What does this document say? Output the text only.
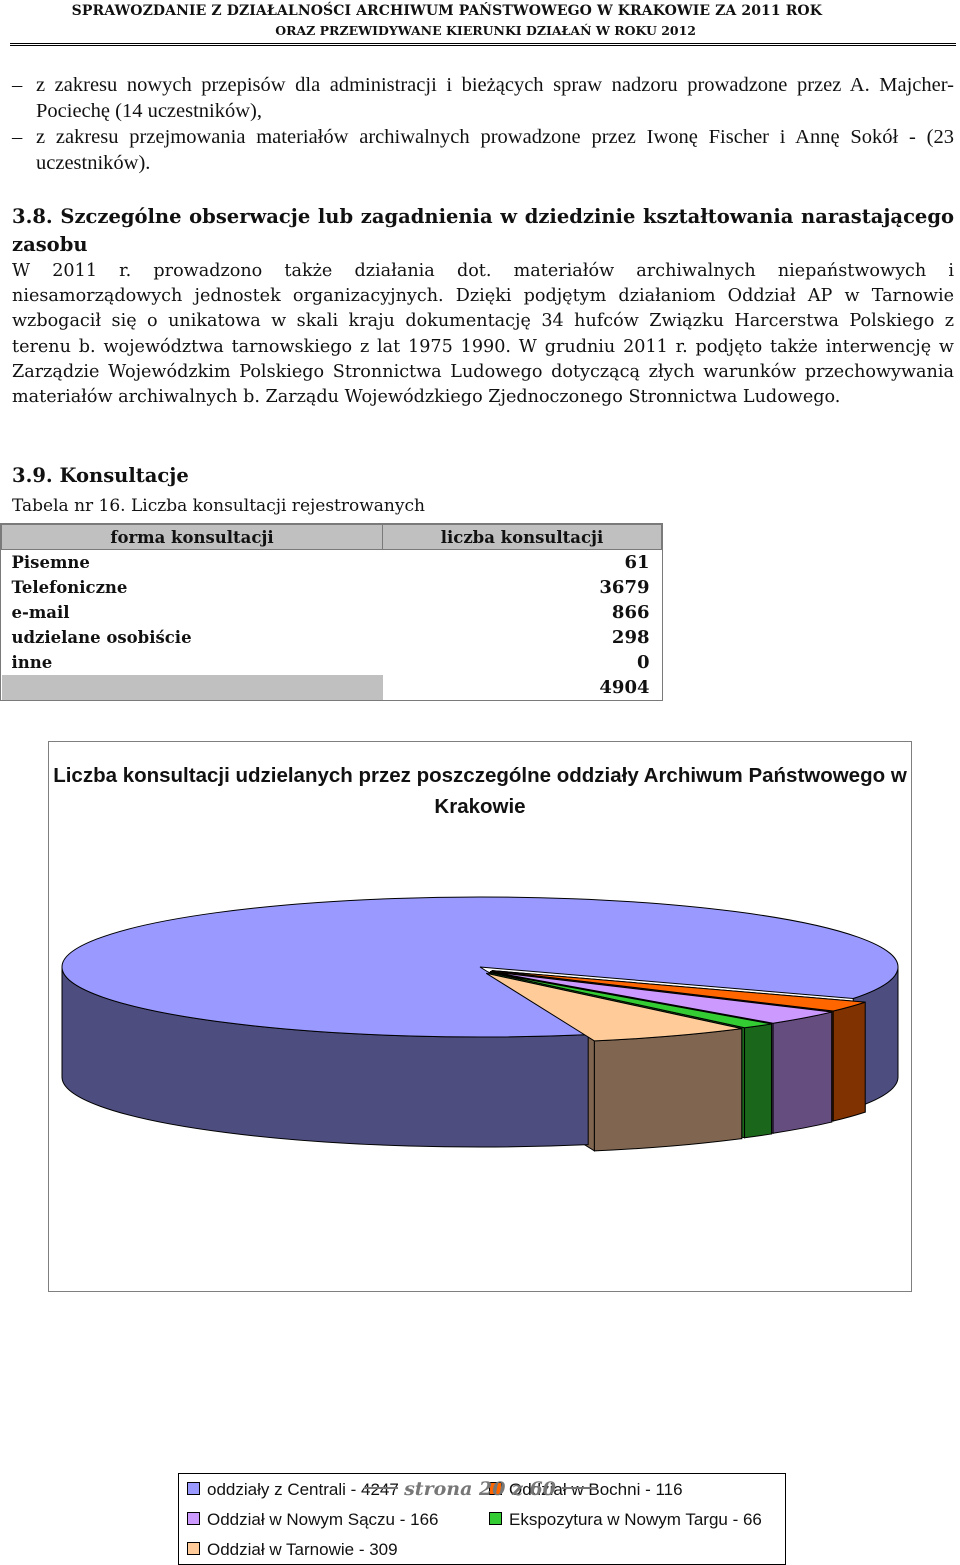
SPRAWOZDANIE Z DZIAŁALNOŚCI ARCHIWUM PAŃSTWOWEGO W KRAKOWIE ZA 2011 ROK
ORAZ PRZEWIDYWANE KIERUNKI DZIAŁAŃ W ROKU 2012
– z zakresu nowych przepisów dla administracji i bieżących spraw nadzoru prowadzone przez A. Majcher-Pociechę (14 uczestników),
– z zakresu przejmowania materiałów archiwalnych prowadzone przez Iwonę Fischer i Annę Sokół - (23 uczestników).
3.8. Szczególne obserwacje lub zagadnienia w dziedzinie kształtowania narastającego zasobu
W 2011 r. prowadzono także działania dot. materiałów archiwalnych niepaństwowych i niesamorządowych jednostek organizacyjnych. Dzięki podjętym działaniom Oddział AP w Tarnowie wzbogacił się o unikatowa w skali kraju dokumentację 34 hufców Związku Harcerstwa Polskiego z terenu b. województwa tarnowskiego z lat 1975 1990. W grudniu 2011 r. podjęto także interwencję w Zarządzie Wojewódzkim Polskiego Stronnictwa Ludowego dotyczącą złych warunków przechowywania materiałów archiwalnych b. Zarządu Wojewódzkiego Zjednoczonego Stronnictwa Ludowego.
3.9. Konsultacje
Tabela nr 16. Liczba konsultacji rejestrowanych
forma konsultacji	liczba konsultacji
Pisemne	61
Telefoniczne	3679
e-mail	866
udzielane osobiście	298
inne	0
	4904
Liczba konsultacji udzielanych przez poszczególne oddziały Archiwum Państwowego w Krakowie
oddziały z Centrali - 4247	Oddział w Bochni - 116
Oddział w Nowym Sączu - 166	Ekspozytura w Nowym Targu - 66
Oddział w Tarnowie - 309
strona 20 z 60
